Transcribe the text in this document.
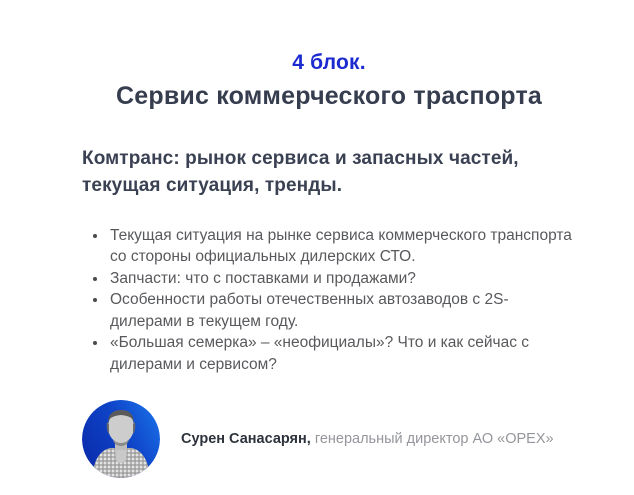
4 блок.
Сервис коммерческого траспорта
Комтранс: рынок сервиса и запасных частей, текущая ситуация, тренды.
• Текущая ситуация на рынке сервиса коммерческого транспорта со стороны официальных дилерских СТО.
• Запчасти: что с поставками и продажами?
• Особенности работы отечественных автозаводов с 2S-дилерами в текущем году.
• «Большая семерка» – «неофициалы»? Что и как сейчас с дилерами и сервисом?

Сурен Санасарян, генеральный директор АО «ОРЕХ»
